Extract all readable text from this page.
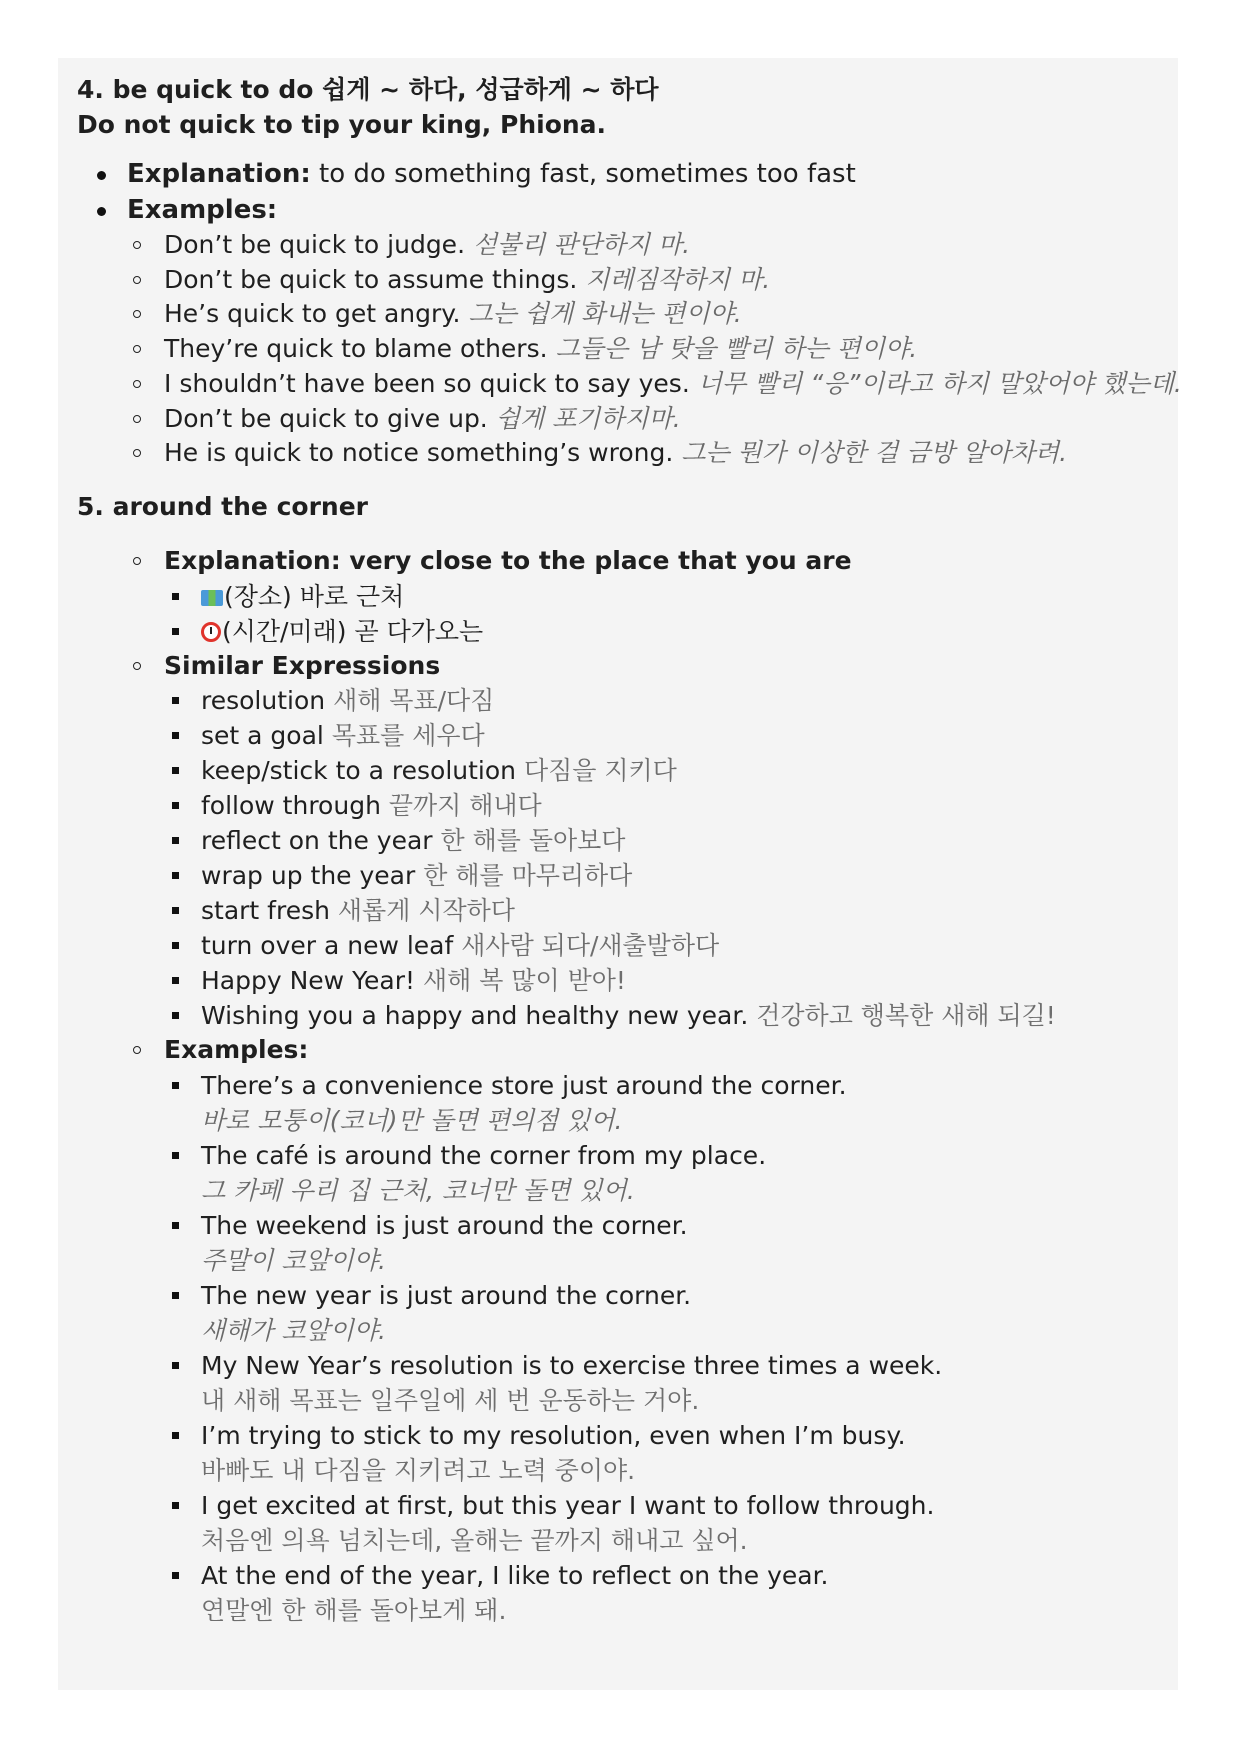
4. be quick to do 쉽게 ~ 하다, 성급하게 ~ 하다

Do not quick to tip your king, Phiona.

Explanation: to do something fast, sometimes too fast
Examples:
Don’t be quick to judge. 섣불리 판단하지 마.
Don’t be quick to assume things. 지레짐작하지 마.
He’s quick to get angry. 그는 쉽게 화내는 편이야.
They’re quick to blame others. 그들은 남 탓을 빨리 하는 편이야.
I shouldn’t have been so quick to say yes. 너무 빨리 “응”이라고 하지 말았어야 했는데.
Don’t be quick to give up. 쉽게 포기하지마.
He is quick to notice something’s wrong. 그는 뭔가 이상한 걸 금방 알아차려.

5. around the corner

Explanation: very close to the place that you are
(장소) 바로 근처
(시간/미래) 곧 다가오는
Similar Expressions
resolution 새해 목표/다짐
set a goal 목표를 세우다
keep/stick to a resolution 다짐을 지키다
follow through 끝까지 해내다
reflect on the year 한 해를 돌아보다
wrap up the year 한 해를 마무리하다
start fresh 새롭게 시작하다
turn over a new leaf 새사람 되다/새출발하다
Happy New Year! 새해 복 많이 받아!
Wishing you a happy and healthy new year. 건강하고 행복한 새해 되길!
Examples:
There’s a convenience store just around the corner.
바로 모퉁이(코너)만 돌면 편의점 있어.
The café is around the corner from my place.
그 카페 우리 집 근처, 코너만 돌면 있어.
The weekend is just around the corner.
주말이 코앞이야.
The new year is just around the corner.
새해가 코앞이야.
My New Year’s resolution is to exercise three times a week.
내 새해 목표는 일주일에 세 번 운동하는 거야.
I’m trying to stick to my resolution, even when I’m busy.
바빠도 내 다짐을 지키려고 노력 중이야.
I get excited at first, but this year I want to follow through.
처음엔 의욕 넘치는데, 올해는 끝까지 해내고 싶어.
At the end of the year, I like to reflect on the year.
연말엔 한 해를 돌아보게 돼.
